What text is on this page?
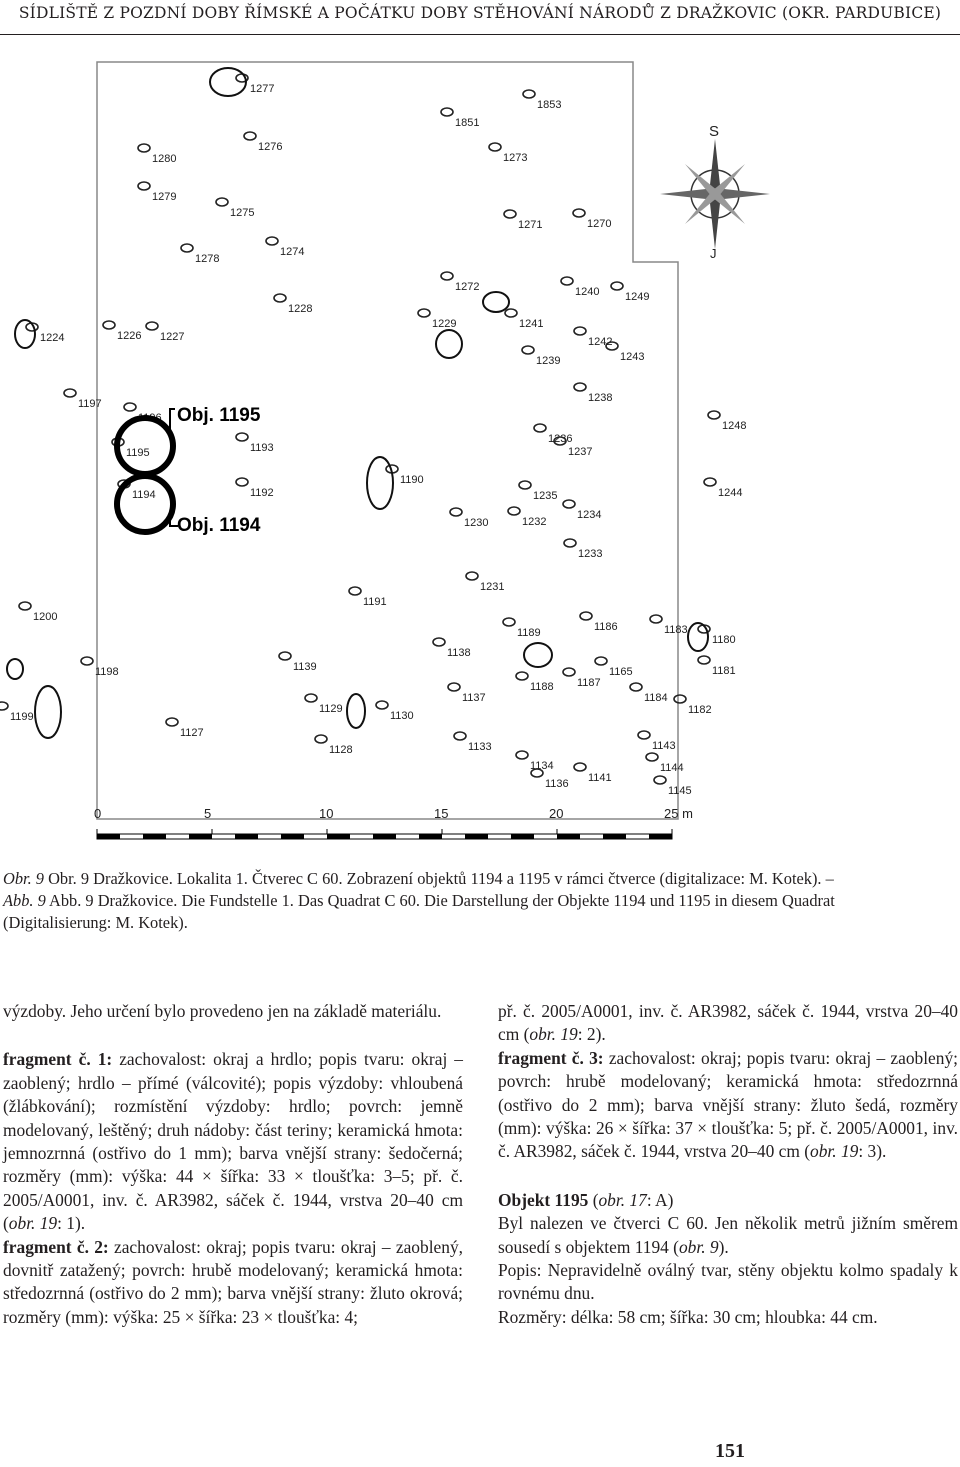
SÍDLIŠTĚ Z POZDNÍ DOBY ŘÍMSKÉ A POČÁTKU DOBY STĚHOVÁNÍ NÁRODŮ Z DRAŽKOVIC (OKR. PARDUBICE)
1277
1853
1851
1273
1276
1280
1279
1275
1271	1270
1274
1278
1272	1240 1249
1228
1224	1226 1227
1229	1241
1242
1239	1243
1197	1238
1196
1248
1195	1193
1236
1237
1190
1194	1192	1235	1244
1234
1230	1232
1233
1231
1191
1200
1186	1183
1189
1180
1138
1198	1139	1165	1181
1187
1188
1137	1184
1199
1129
1130	1182
1127
1128	1133	1143
1134	1144
1136 1141
1145
Obj. 1195
Obj. 1194
S
J
0	5	10	15	20	25 m

Obr. 9 Obr. 9 Dražkovice. Lokalita 1. Čtverec C 60. Zobrazení objektů 1194 a 1195 v rámci čtverce (digitalizace: M. Kotek). –

Abb. 9 Abb. 9 Dražkovice. Die Fundstelle 1. Das Quadrat C 60. Die Darstellung der Objekte 1194 und 1195 in diesem Quadrat

(Digitalisierung: M. Kotek).

výzdoby. Jeho určení bylo provedeno jen na základě materiálu.

fragment č. 1: zachovalost: okraj a hrdlo; popis tvaru: okraj – zaoblený; hrdlo – přímé (válcovité); popis výzdoby: vhloubená (žlábkování); rozmístění výzdoby: hrdlo; povrch: jemně modelovaný, leštěný; druh nádoby: část teriny; keramická hmota: jemnozrnná (ostřivo do 1 mm); barva vnější strany: šedočerná; rozměry (mm): výška: 44 × šířka: 33 × tloušťka: 3–5; př. č. 2005/A0001, inv. č. AR3982, sáček č. 1944, vrstva 20–40 cm (obr. 19: 1).

fragment č. 2: zachovalost: okraj; popis tvaru: okraj – zaoblený, dovnitř zatažený; povrch: hrubě modelovaný; keramická hmota: středozrnná (ostřivo do 2 mm); barva vnější strany: žluto okrová; rozměry (mm): výška: 25 × šířka: 23 × tloušťka: 4;

př. č. 2005/A0001, inv. č. AR3982, sáček č. 1944, vrstva 20–40 cm (obr. 19: 2).

fragment č. 3: zachovalost: okraj; popis tvaru: okraj – zaoblený; povrch: hrubě modelovaný; keramická hmota: středozrnná (ostřivo do 2 mm); barva vnější strany: žluto šedá, rozměry (mm): výška: 26 × šířka: 37 × tloušťka: 5; př. č. 2005/A0001, inv. č. AR3982, sáček č. 1944, vrstva 20–40 cm (obr. 19: 3).

Objekt 1195 (obr. 17: A)

Byl nalezen ve čtverci C 60. Jen několik metrů jižním směrem sousedí s objektem 1194 (obr. 9).

Popis: Nepravidelně oválný tvar, stěny objektu kolmo spadaly k rovnému dnu.

Rozměry: délka: 58 cm; šířka: 30 cm; hloubka: 44 cm.

151
